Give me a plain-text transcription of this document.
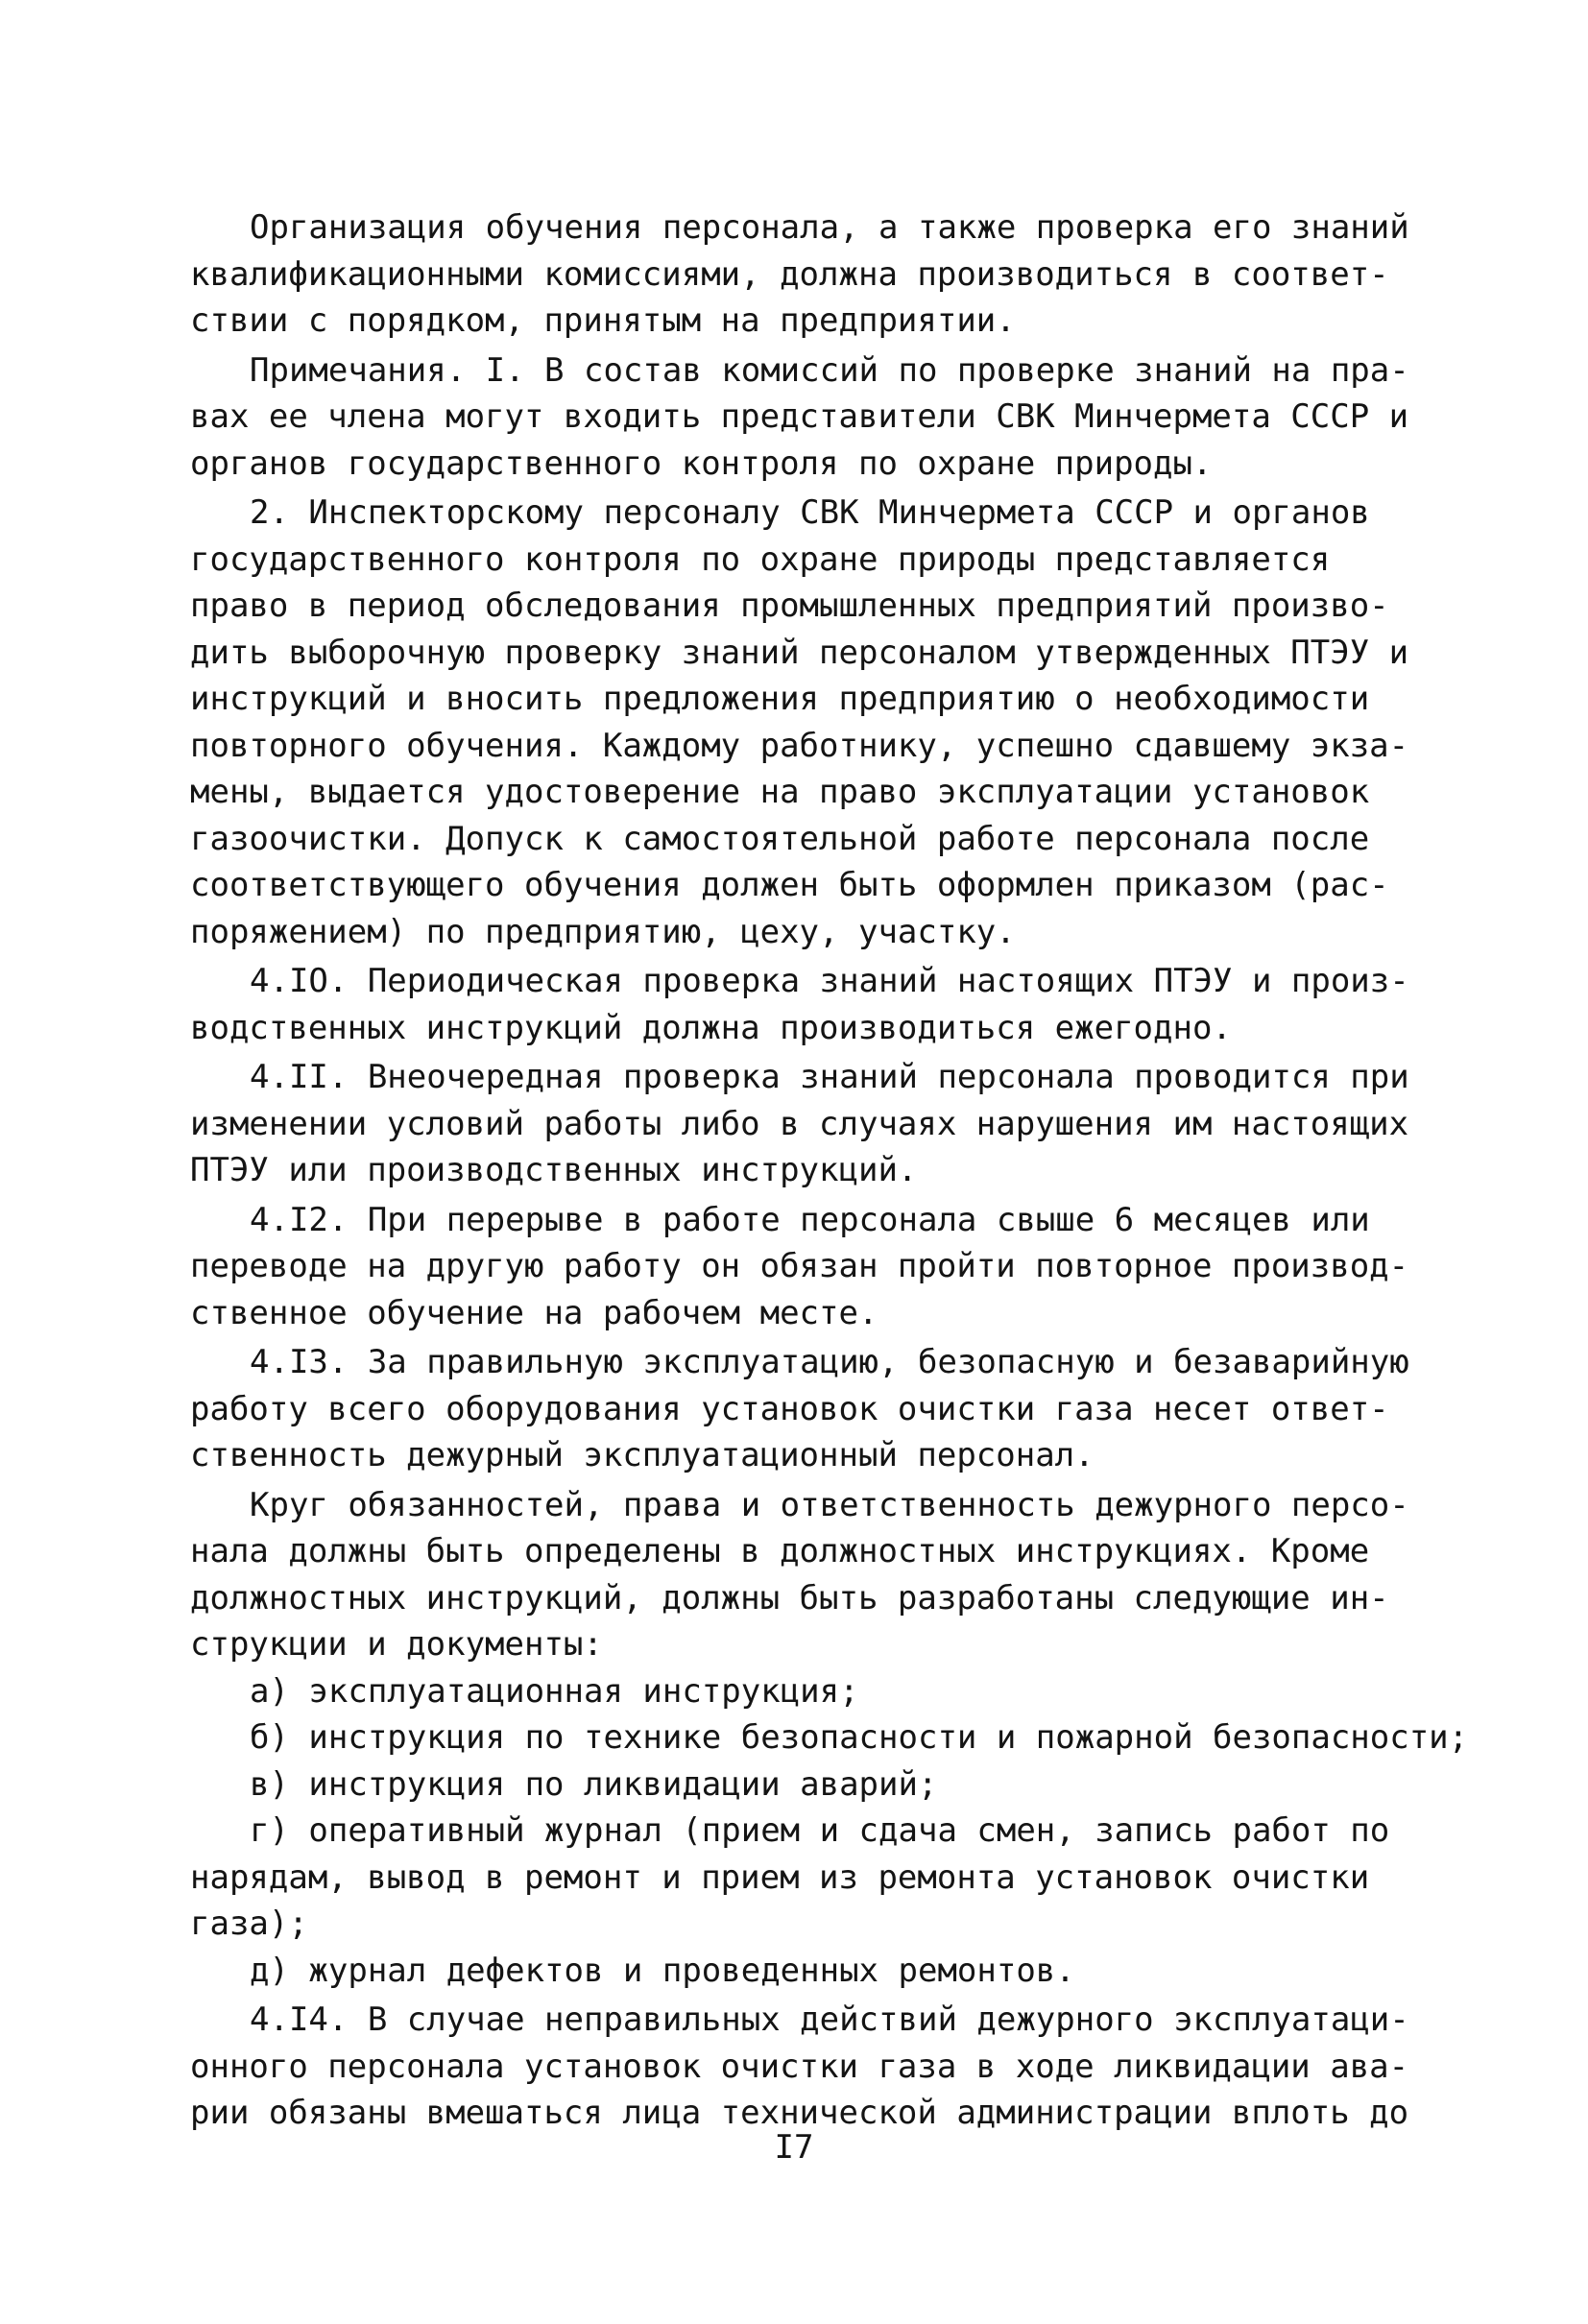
Организация обучения персонала, а также проверка его знаний
квалификационными комиссиями, должна производиться в соответ-
ствии с порядком, принятым на предприятии.
Примечания. I. В состав комиссий по проверке знаний на пра-
вах ее члена могут входить представители СВК Минчермета СССР и
органов государственного контроля по охране природы.
2. Инспекторскому персоналу СВК Минчермета СССР и органов
государственного контроля по охране природы представляется
право в период обследования промышленных предприятий произво-
дить выборочную проверку знаний персоналом утвержденных ПТЭУ и
инструкций и вносить предложения предприятию о необходимости
повторного обучения. Каждому работнику, успешно сдавшему экза-
мены, выдается удостоверение на право эксплуатации установок
газоочистки. Допуск к самостоятельной работе персонала после
соответствующего обучения должен быть оформлен приказом (рас-
поряжением) по предприятию, цеху, участку.
4.IО. Периодическая проверка знаний настоящих ПТЭУ и произ-
водственных инструкций должна производиться ежегодно.
4.II. Внеочередная проверка знаний персонала проводится при
изменении условий работы либо в случаях нарушения им настоящих
ПТЭУ или производственных инструкций.
4.I2. При перерыве в работе персонала свыше 6 месяцев или
переводе на другую работу он обязан пройти повторное производ-
ственное обучение на рабочем месте.
4.I3. За правильную эксплуатацию, безопасную и безаварийную
работу всего оборудования установок очистки газа несет ответ-
ственность дежурный эксплуатационный персонал.
Круг обязанностей, права и ответственность дежурного персо-
нала должны быть определены в должностных инструкциях. Кроме
должностных инструкций, должны быть разработаны следующие ин-
струкции и документы:
а) эксплуатационная инструкция;
б) инструкция по технике безопасности и пожарной безопасности;
в) инструкция по ликвидации аварий;
г) оперативный журнал (прием и сдача смен, запись работ по
нарядам, вывод в ремонт и прием из ремонта установок очистки
газа);
д) журнал дефектов и проведенных ремонтов.
4.I4. В случае неправильных действий дежурного эксплуатаци-
онного персонала установок очистки газа в ходе ликвидации ава-
рии обязаны вмешаться лица технической администрации вплоть до
I7
